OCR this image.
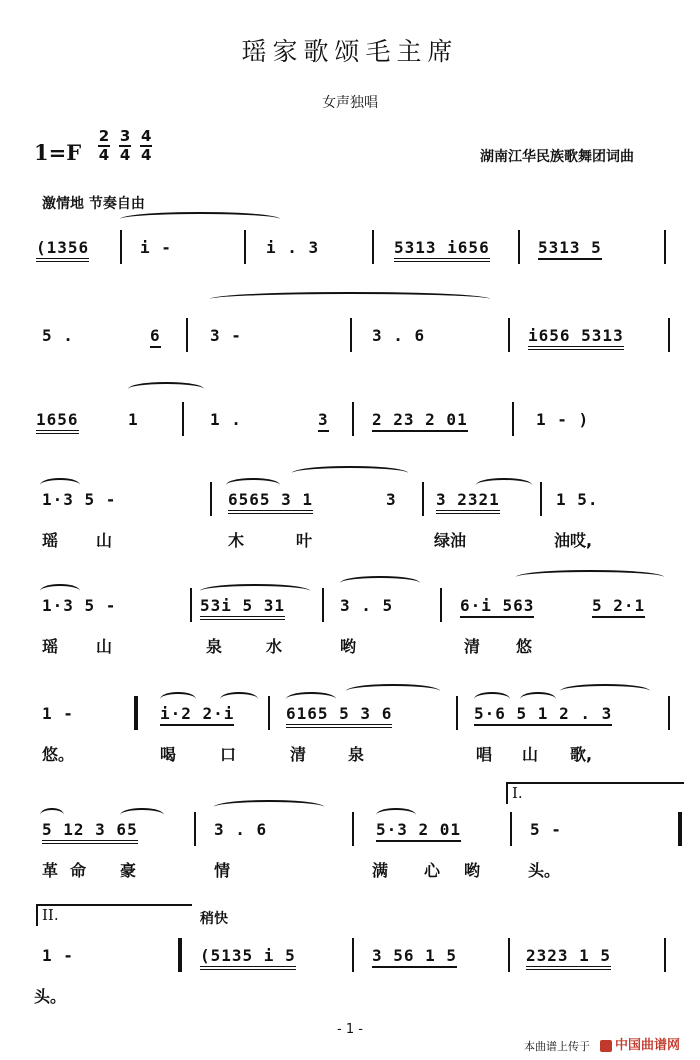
瑶家歌颂毛主席
女声独唱
$1=F \frac{2}{4}$
$\frac{3}{4}$
$\frac{4}{4}$	湖南江华民族歌舞团词曲
激情地 节奏自由
(1356	i -	i . 3	5313 i656	5313 5
5 .	6	3 -	3 . 6	i656 5313
1656	1	1 .	3	2 23 2 01	1 - )
1·3 5 -	6565 3 1	3 3 2321	1 5.
瑶 山	木	叶	绿油	油哎,
1·3 5 -	53i 5 31	3 . 5	6·i 563	5 2·1
瑶 山	泉	水	哟	清 悠
1 -	i·2 2·i	6165 5 3 6	5·6 5 1 2 . 3
悠。	喝	口	清	泉	唱 山 歌,
I.
5 12 3 65	3 . 6	5·3 2 01	5 -
革 命 豪	情	满 心 哟	头。
II.	稍快
1 -	(5135 i 5	3 56 1 5	2323 1 5
头。
- 1 -
本曲谱上传于	中国曲谱网
